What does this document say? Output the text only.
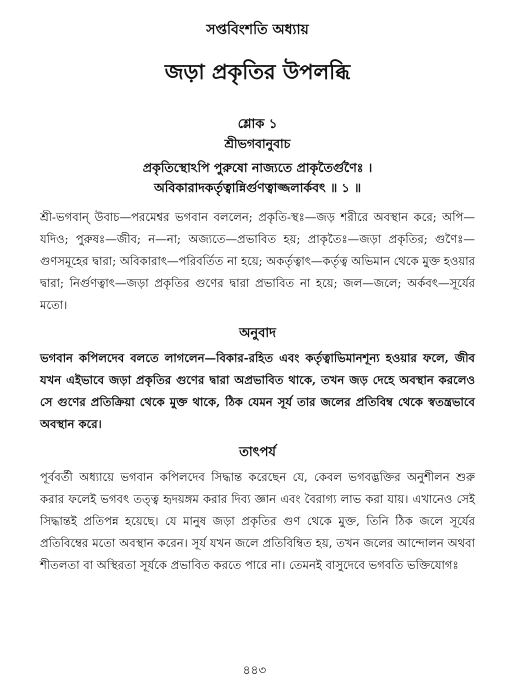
সপ্তবিংশতি অধ্যায়
জড়া প্রকৃতির উপলব্ধি
শ্লোক ১
শ্রীভগবানুবাচ
প্রকৃতিস্থোঽপি পুরুষো নাজ্যতে প্রাকৃতৈর্গুণৈঃ ।
অবিকারাদকর্তৃত্বান্নির্গুণত্বাজ্জলার্কবৎ ॥ ১ ॥

শ্রী-ভগবান্ উবাচ—পরমেশ্বর ভগবান বললেন; প্রকৃতি-স্থঃ—জড় শরীরে অবস্থান করে; অপি—যদিও; পুরুষঃ—জীব; ন—না; অজ্যতে—প্রভাবিত হয়; প্রাকৃতৈঃ—জড়া প্রকৃতির; গুণৈঃ—গুণসমূহের দ্বারা; অবিকারাৎ—পরিবর্তিত না হয়ে; অকর্তৃত্বাৎ—কর্তৃত্ব অভিমান থেকে মুক্ত হওয়ার দ্বারা; নির্গুণত্বাৎ—জড়া প্রকৃতির গুণের দ্বারা প্রভাবিত না হয়ে; জল—জলে; অর্কবৎ—সূর্যের মতো।

অনুবাদ

ভগবান কপিলদেব বলতে লাগলেন—বিকার-রহিত এবং কর্তৃত্বাভিমানশূন্য হওয়ার ফলে, জীব যখন এইভাবে জড়া প্রকৃতির গুণের দ্বারা অপ্রভাবিত থাকে, তখন জড় দেহে অবস্থান করলেও সে গুণের প্রতিক্রিয়া থেকে মুক্ত থাকে, ঠিক যেমন সূর্য তার জলের প্রতিবিম্ব থেকে স্বতন্ত্রভাবে অবস্থান করে।

তাৎপর্য

পূর্ববর্তী অধ্যায়ে ভগবান কপিলদেব সিদ্ধান্ত করেছেন যে, কেবল ভগবদ্ভক্তির অনুশীলন শুরু করার ফলেই ভগবৎ তত্ত্ব হৃদয়ঙ্গম করার দিব্য জ্ঞান এবং বৈরাগ্য লাভ করা যায়। এখানেও সেই সিদ্ধান্তই প্রতিপন্ন হয়েছে। যে মানুষ জড়া প্রকৃতির গুণ থেকে মুক্ত, তিনি ঠিক জলে সূর্যের প্রতিবিম্বের মতো অবস্থান করেন। সূর্য যখন জলে প্রতিবিম্বিত হয়, তখন জলের আন্দোলন অথবা শীতলতা বা অস্থিরতা সূর্যকে প্রভাবিত করতে পারে না। তেমনই বাসুদেবে ভগবতি ভক্তিযোগঃ

৪৪৩
